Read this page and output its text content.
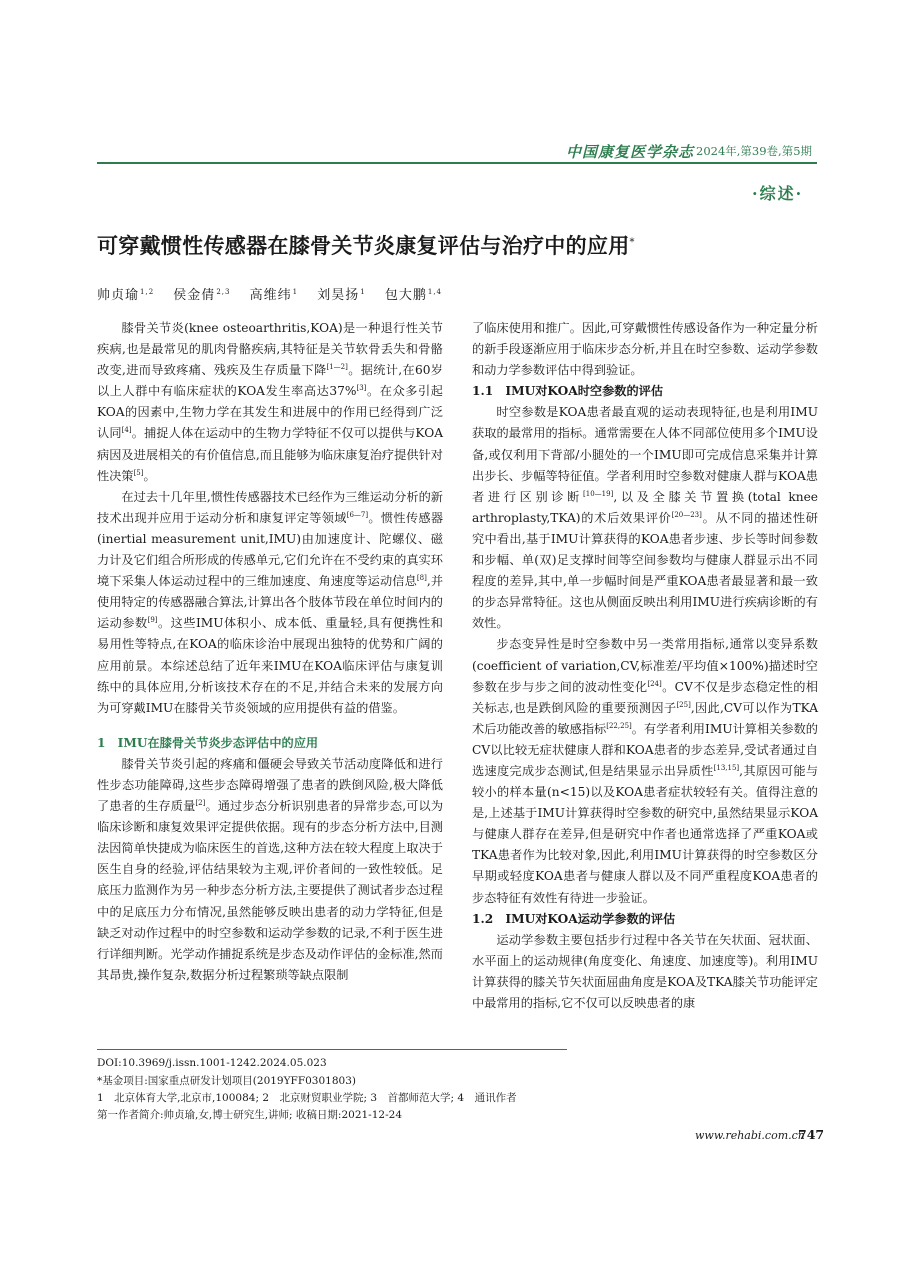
中国康复医学杂志 2024年,第39卷,第5期
·综述·
可穿戴惯性传感器在膝骨关节炎康复评估与治疗中的应用*
帅贞瑜$^{1,2}$ 侯金倩$^{2,3}$ 高维纬$^1$ 刘昊扬$^1$ 包大鹏$^{1,4}$

膝骨关节炎(knee osteoarthritis,KOA)是一种退行性关节疾病,也是最常见的肌肉骨骼疾病,其特征是关节软骨丢失和骨骼改变,进而导致疼痛、残疾及生存质量下降[1—2]。据统计,在60岁以上人群中有临床症状的KOA发生率高达37%[3]。在众多引起KOA的因素中,生物力学在其发生和进展中的作用已经得到广泛认同[4]。捕捉人体在运动中的生物力学特征不仅可以提供与KOA病因及进展相关的有价值信息,而且能够为临床康复治疗提供针对性决策[5]。

在过去十几年里,惯性传感器技术已经作为三维运动分析的新技术出现并应用于运动分析和康复评定等领域[6—7]。惯性传感器(inertial measurement unit,IMU)由加速度计、陀螺仪、磁力计及它们组合所形成的传感单元,它们允许在不受约束的真实环境下采集人体运动过程中的三维加速度、角速度等运动信息[8],并使用特定的传感器融合算法,计算出各个肢体节段在单位时间内的运动参数[9]。这些IMU体积小、成本低、重量轻,具有便携性和易用性等特点,在KOA的临床诊治中展现出独特的优势和广阔的应用前景。本综述总结了近年来IMU在KOA临床评估与康复训练中的具体应用,分析该技术存在的不足,并结合未来的发展方向为可穿戴IMU在膝骨关节炎领域的应用提供有益的借鉴。

1　IMU在膝骨关节炎步态评估中的应用

膝骨关节炎引起的疼痛和僵硬会导致关节活动度降低和进行性步态功能障碍,这些步态障碍增强了患者的跌倒风险,极大降低了患者的生存质量[2]。通过步态分析识别患者的异常步态,可以为临床诊断和康复效果评定提供依据。现有的步态分析方法中,目测法因简单快捷成为临床医生的首选,这种方法在较大程度上取决于医生自身的经验,评估结果较为主观,评价者间的一致性较低。足底压力监测作为另一种步态分析方法,主要提供了测试者步态过程中的足底压力分布情况,虽然能够反映出患者的动力学特征,但是缺乏对动作过程中的时空参数和运动学参数的记录,不利于医生进行详细判断。光学动作捕捉系统是步态及动作评估的金标准,然而其昂贵,操作复杂,数据分析过程繁琐等缺点限制

了临床使用和推广。因此,可穿戴惯性传感设备作为一种定量分析的新手段逐渐应用于临床步态分析,并且在时空参数、运动学参数和动力学参数评估中得到验证。

1.1　IMU对KOA时空参数的评估

时空参数是KOA患者最直观的运动表现特征,也是利用IMU获取的最常用的指标。通常需要在人体不同部位使用多个IMU设备,或仅利用下背部/小腿处的一个IMU即可完成信息采集并计算出步长、步幅等特征值。学者利用时空参数对健康人群与KOA患者进行区别诊断[10—19],以及全膝关节置换(total knee arthroplasty,TKA)的术后效果评价[20—23]。从不同的描述性研究中看出,基于IMU计算获得的KOA患者步速、步长等时间参数和步幅、单(双)足支撑时间等空间参数均与健康人群显示出不同程度的差异,其中,单一步幅时间是严重KOA患者最显著和最一致的步态异常特征。这也从侧面反映出利用IMU进行疾病诊断的有效性。

步态变异性是时空参数中另一类常用指标,通常以变异系数(coefficient of variation,CV,标准差/平均值×100%)描述时空参数在步与步之间的波动性变化[24]。CV不仅是步态稳定性的相关标志,也是跌倒风险的重要预测因子[25],因此,CV可以作为TKA术后功能改善的敏感指标[22,25]。有学者利用IMU计算相关参数的CV以比较无症状健康人群和KOA患者的步态差异,受试者通过自选速度完成步态测试,但是结果显示出异质性[13,15],其原因可能与较小的样本量(n<15)以及KOA患者症状较轻有关。值得注意的是,上述基于IMU计算获得时空参数的研究中,虽然结果显示KOA与健康人群存在差异,但是研究中作者也通常选择了严重KOA或TKA患者作为比较对象,因此,利用IMU计算获得的时空参数区分早期或轻度KOA患者与健康人群以及不同严重程度KOA患者的步态特征有效性有待进一步验证。

1.2　IMU对KOA运动学参数的评估

运动学参数主要包括步行过程中各关节在矢状面、冠状面、水平面上的运动规律(角度变化、角速度、加速度等)。利用IMU计算获得的膝关节矢状面屈曲角度是KOA及TKA膝关节功能评定中最常用的指标,它不仅可以反映患者的康

DOI:10.3969/j.issn.1001-1242.2024.05.023
*基金项目:国家重点研发计划项目(2019YFF0301803)
1　北京体育大学,北京市,100084; 2　北京财贸职业学院; 3　首都师范大学; 4　通讯作者
第一作者简介:帅贞瑜,女,博士研究生,讲师; 收稿日期:2021-12-24
www.rehabi.com.cn
747
